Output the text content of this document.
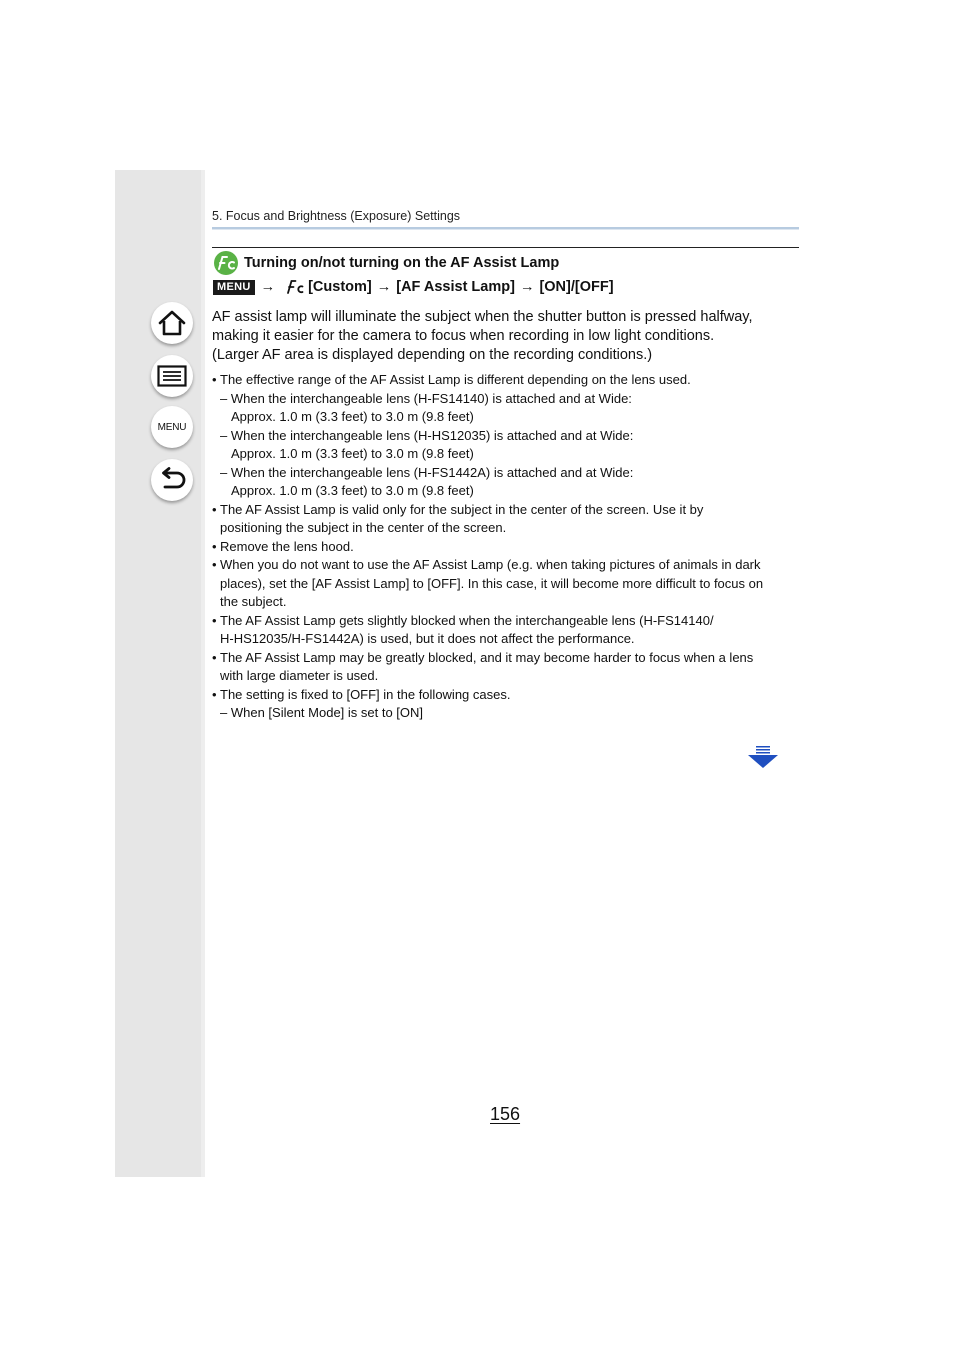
MENU
5. Focus and Brightness (Exposure) Settings
Turning on/not turning on the AF Assist Lamp
MENU → [Custom] → [AF Assist Lamp] → [ON]/[OFF]

AF assist lamp will illuminate the subject when the shutter button is pressed halfway,

making it easier for the camera to focus when recording in low light conditions.

(Larger AF area is displayed depending on the recording conditions.)

• The effective range of the AF Assist Lamp is different depending on the lens used.
– When the interchangeable lens (H-FS14140) is attached and at Wide:
Approx. 1.0 m (3.3 feet) to 3.0 m (9.8 feet)
– When the interchangeable lens (H-HS12035) is attached and at Wide:
Approx. 1.0 m (3.3 feet) to 3.0 m (9.8 feet)
– When the interchangeable lens (H-FS1442A) is attached and at Wide:
Approx. 1.0 m (3.3 feet) to 3.0 m (9.8 feet)
• The AF Assist Lamp is valid only for the subject in the center of the screen. Use it by
positioning the subject in the center of the screen.
• Remove the lens hood.
• When you do not want to use the AF Assist Lamp (e.g. when taking pictures of animals in dark
places), set the [AF Assist Lamp] to [OFF]. In this case, it will become more difficult to focus on
the subject.
• The AF Assist Lamp gets slightly blocked when the interchangeable lens (H-FS14140/
H-HS12035/H-FS1442A) is used, but it does not affect the performance.
• The AF Assist Lamp may be greatly blocked, and it may become harder to focus when a lens
with large diameter is used.
• The setting is fixed to [OFF] in the following cases.
– When [Silent Mode] is set to [ON]
156
